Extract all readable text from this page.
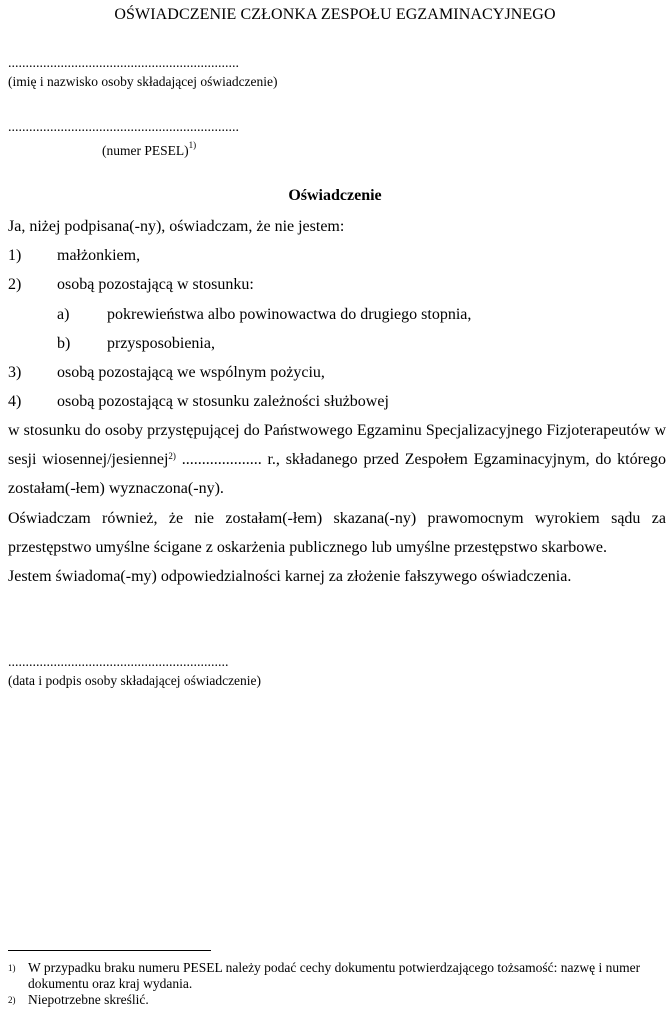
OŚWIADCZENIE CZŁONKA ZESPOŁU EGZAMINACYJNEGO
..................................................................
(imię i nazwisko osoby składającej oświadczenie)
..................................................................
(numer PESEL)$^{1)}$
Oświadczenie
Ja, niżej podpisana(-ny), oświadczam, że nie jestem:
1) małżonkiem,
2) osobą pozostającą w stosunku:
a) pokrewieństwa albo powinowactwa do drugiego stopnia,
b) przysposobienia,
3) osobą pozostającą we wspólnym pożyciu,
4) osobą pozostającą w stosunku zależności służbowej
w stosunku do osoby przystępującej do Państwowego Egzaminu Specjalizacyjnego Fizjoterapeutów w sesji wiosennej/jesiennej$^{2)}$ .................... r., składanego przed Zespołem Egzaminacyjnym, do którego zostałam(-łem) wyznaczona(-ny).
Oświadczam również, że nie zostałam(-łem) skazana(-ny) prawomocnym wyrokiem sądu za przestępstwo umyślne ścigane z oskarżenia publicznego lub umyślne przestępstwo skarbowe.
Jestem świadoma(-my) odpowiedzialności karnej za złożenie fałszywego oświadczenia.
...............................................................
(data i podpis osoby składającej oświadczenie)
1) W przypadku braku numeru PESEL należy podać cechy dokumentu potwierdzającego tożsamość: nazwę i numer dokumentu oraz kraj wydania.
2) Niepotrzebne skreślić.
